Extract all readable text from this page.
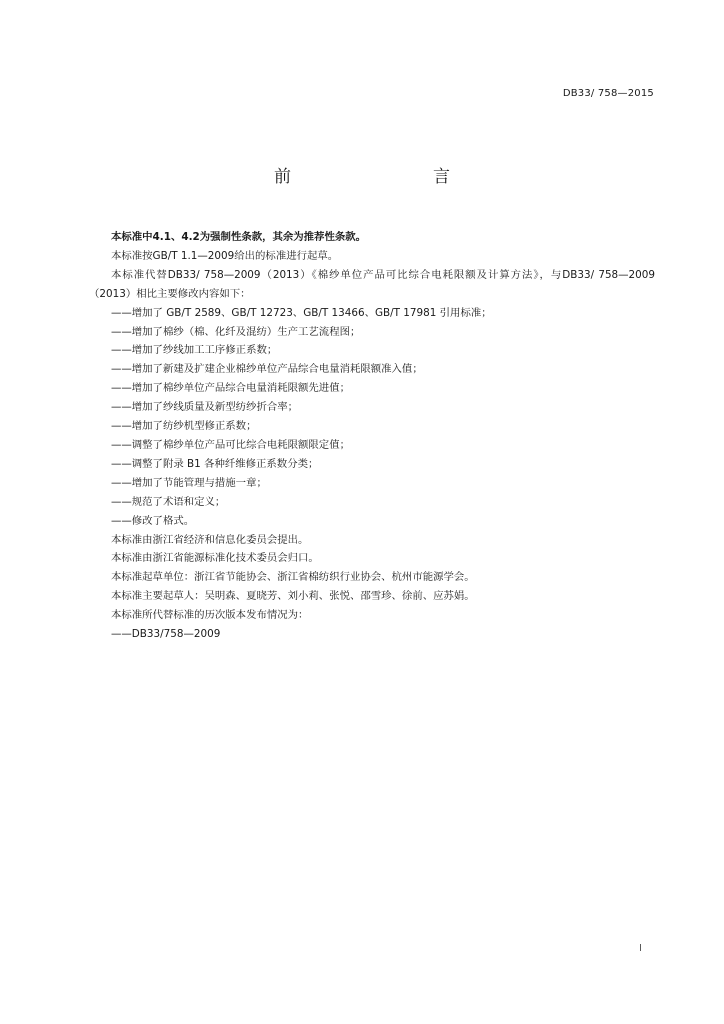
DB33/ 758—2015
前　　言

本标准中4.1、4.2为强制性条款，其余为推荐性条款。

本标准按GB/T 1.1—2009给出的标准进行起草。

本标准代替DB33/ 758—2009（2013）《棉纱单位产品可比综合电耗限额及计算方法》，与DB33/ 758—2009（2013）相比主要修改内容如下：

——增加了 GB/T 2589、GB/T 12723、GB/T 13466、GB/T 17981 引用标准；

——增加了棉纱（棉、化纤及混纺）生产工艺流程图；

——增加了纱线加工工序修正系数；

——增加了新建及扩建企业棉纱单位产品综合电量消耗限额准入值；

——增加了棉纱单位产品综合电量消耗限额先进值；

——增加了纱线质量及新型纺纱折合率；

——增加了纺纱机型修正系数；

——调整了棉纱单位产品可比综合电耗限额限定值；

——调整了附录 B1 各种纤维修正系数分类；

——增加了节能管理与措施一章；

——规范了术语和定义；

——修改了格式。

本标准由浙江省经济和信息化委员会提出。

本标准由浙江省能源标准化技术委员会归口。

本标准起草单位：浙江省节能协会、浙江省棉纺织行业协会、杭州市能源学会。

本标准主要起草人：吴明森、夏晓芳、刘小莉、张悦、邵雪珍、徐前、应苏娟。

本标准所代替标准的历次版本发布情况为：

——DB33/758—2009

I
